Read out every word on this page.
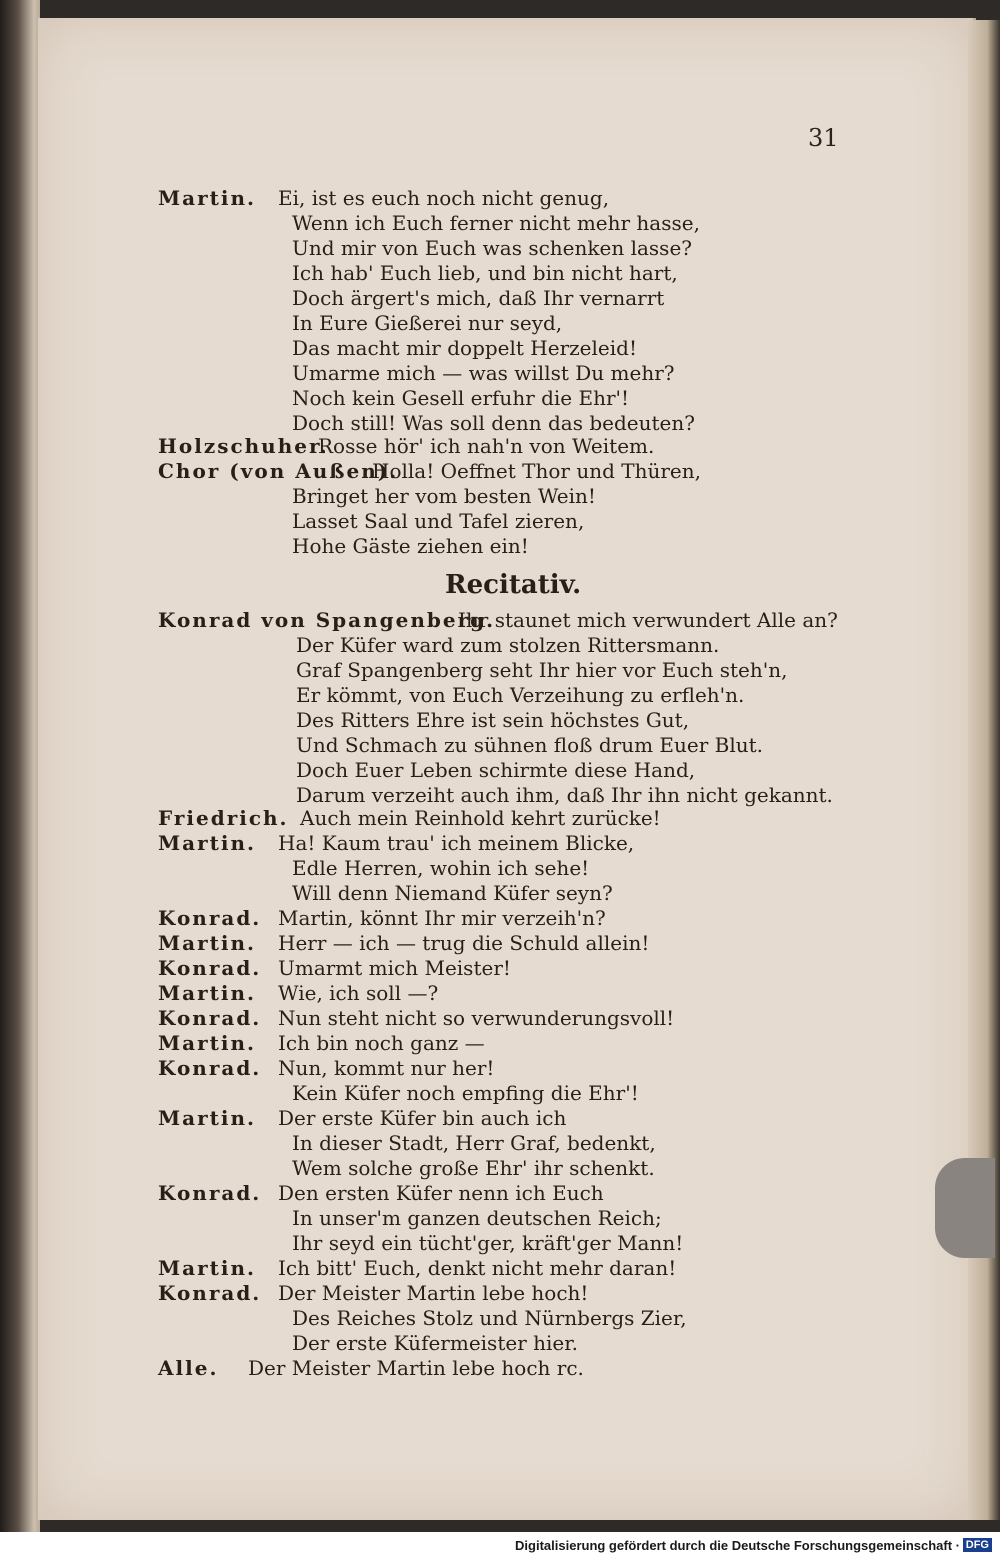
31
Martin. Ei, ist es euch noch nicht genug,
Wenn ich Euch ferner nicht mehr hasse,
Und mir von Euch was schenken lasse?
Ich hab' Euch lieb, und bin nicht hart,
Doch ärgert's mich, daß Ihr vernarrt
In Eure Gießerei nur seyd,
Das macht mir doppelt Herzeleid!
Umarme mich — was willst Du mehr?
Noch kein Gesell erfuhr die Ehr'!
Doch still! Was soll denn das bedeuten?
Holzschuher.
Rosse hör' ich nah'n von Weitem.
Chor (von Außen).
Holla! Oeffnet Thor und Thüren,
Bringet her vom besten Wein!
Lasset Saal und Tafel zieren,
Hohe Gäste ziehen ein!
Konrad von Spangenberg.
Ihr staunet mich verwundert Alle an?
Der Küfer ward zum stolzen Rittersmann.
Graf Spangenberg seht Ihr hier vor Euch steh'n,
Er kömmt, von Euch Verzeihung zu erfleh'n.
Des Ritters Ehre ist sein höchstes Gut,
Und Schmach zu sühnen floß drum Euer Blut.
Doch Euer Leben schirmte diese Hand,
Darum verzeiht auch ihm, daß Ihr ihn nicht gekannt.
Friedrich. Auch mein Reinhold kehrt zurücke!
Martin. Ha! Kaum trau' ich meinem Blicke,
Edle Herren, wohin ich sehe!
Will denn Niemand Küfer seyn?
Konrad. Martin, könnt Ihr mir verzeih'n?
Martin. Herr — ich — trug die Schuld allein!
Konrad. Umarmt mich Meister!
Martin. Wie, ich soll —?
Konrad. Nun steht nicht so verwunderungsvoll!
Martin. Ich bin noch ganz —
Konrad. Nun, kommt nur her!
Kein Küfer noch empfing die Ehr'!
Martin. Der erste Küfer bin auch ich
In dieser Stadt, Herr Graf, bedenkt,
Wem solche große Ehr' ihr schenkt.
Konrad. Den ersten Küfer nenn ich Euch
In unser'm ganzen deutschen Reich;
Ihr seyd ein tücht'ger, kräft'ger Mann!
Martin. Ich bitt' Euch, denkt nicht mehr daran!
Konrad. Der Meister Martin lebe hoch!
Des Reiches Stolz und Nürnbergs Zier,
Der erste Küfermeister hier.
Alle. Der Meister Martin lebe hoch rc.
Recitativ.
Digitalisierung gefördert durch die Deutsche Forschungsgemeinschaft · DFG
